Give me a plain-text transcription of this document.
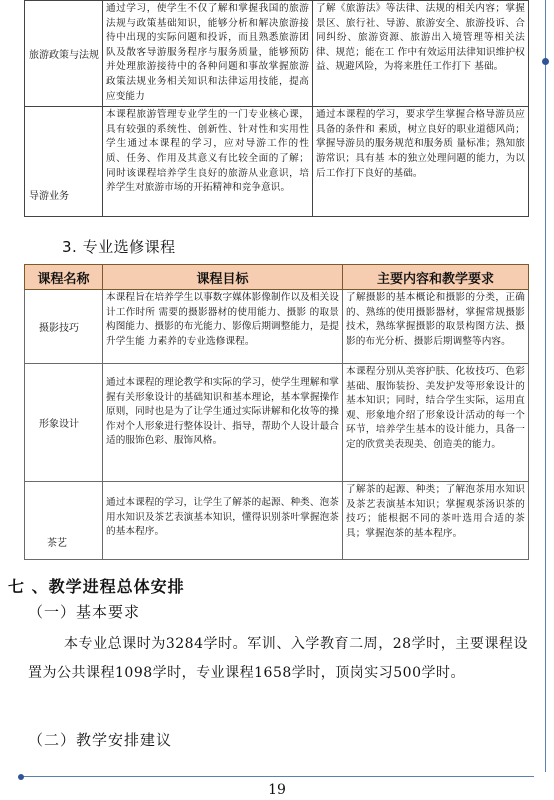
旅游政策与法规	通过学习，使学生不仅了解和掌握我国的旅游法规与政策基础知识，能够分析和解决旅游接待中出现的实际问题和投诉，而且熟悉旅游团队及散客导游服务程序与服务质量，能够预防并处理旅游接待中的各种问题和事故掌握旅游政策法规业务相关知识和法律运用技能，提高应变能力	了解《旅游法》等法律、法规的相关内容；掌握景区、旅行社、导游、旅游安全、旅游投诉、合 同纠纷、旅游资源、旅游出入境管理等相关法律、规范；能在工 作中有效运用法律知识维护权益、规避风险，为将来胜任工作打下 基础。
导游业务	本课程旅游管理专业学生的一门专业核心课，具有较强的系统性、创新性、针对性和实用性学生通过本课程的学习，应对导游工作的性质、任务、作用及其意义有比较全面的了解；同时该课程培养学生良好的旅游从业意识，培养学生对旅游市场的开拓精神和竞争意识。	通过本课程的学习，要求学生掌握合格导游员应具备的条件和 素质，树立良好的职业道德风尚； 掌握导游员的服务规范和服务质 量标准；熟知旅游常识；具有基 本的独立处理问题的能力，为以 后工作打下良好的基础。
3. 专业选修课程
课程名称	课程目标	主要内容和教学要求
摄影技巧	本课程旨在培养学生以事数字媒体影像制作以及相关设计工作时所 需要的摄影器材的使用能力、摄影 的取景构图能力、摄影的布光能力、影像后期调整能力，是提升学生能 力素养的专业选修课程。	了解摄影的基本概论和摄影的分类，正确的、熟练的使用摄影器材，掌握常规摄影技术，熟练掌握摄影的取景构图方法、摄影的布光分析、摄影后期调整等内容。
形象设计	通过本课程的理论教学和实际的学习，使学生理解和掌握有关形象设计的基础知识和基本理论，基本掌握操作原则，同时也是为了让学生通过实际讲解和化妆等的操作对个人形象进行整体设计、指导，帮助个人设计最合适的服饰色彩、服饰风格。	本课程分别从美容护肤、化妆技巧、色彩基础、服饰装扮、美发护发等形象设计的基本知识；同时，结合学生实际，运用直观、形象地介绍了形象设计活动的每一个环节，培养学生基本的设计能力，具备一定的欣赏美表现美、创造美的能力。
茶艺	通过本课程的学习，让学生了解茶的起源、种类、泡茶用水知识及茶艺表演基本知识，懂得识别茶叶掌握泡茶的基本程序。	了解茶的起源、种类；了解泡茶用水知识及茶艺表演基本知识；掌握观茶汤识茶的技巧；能根据不同的茶叶选用合适的茶具；掌握泡茶的基本程序。
七 、教学进程总体安排
（一）基本要求
本专业总课时为3284学时。军训、入学教育二周，28学时，主要课程设置为公共课程1098学时，专业课程1658学时，顶岗实习500学时。
（二）教学安排建议
19
